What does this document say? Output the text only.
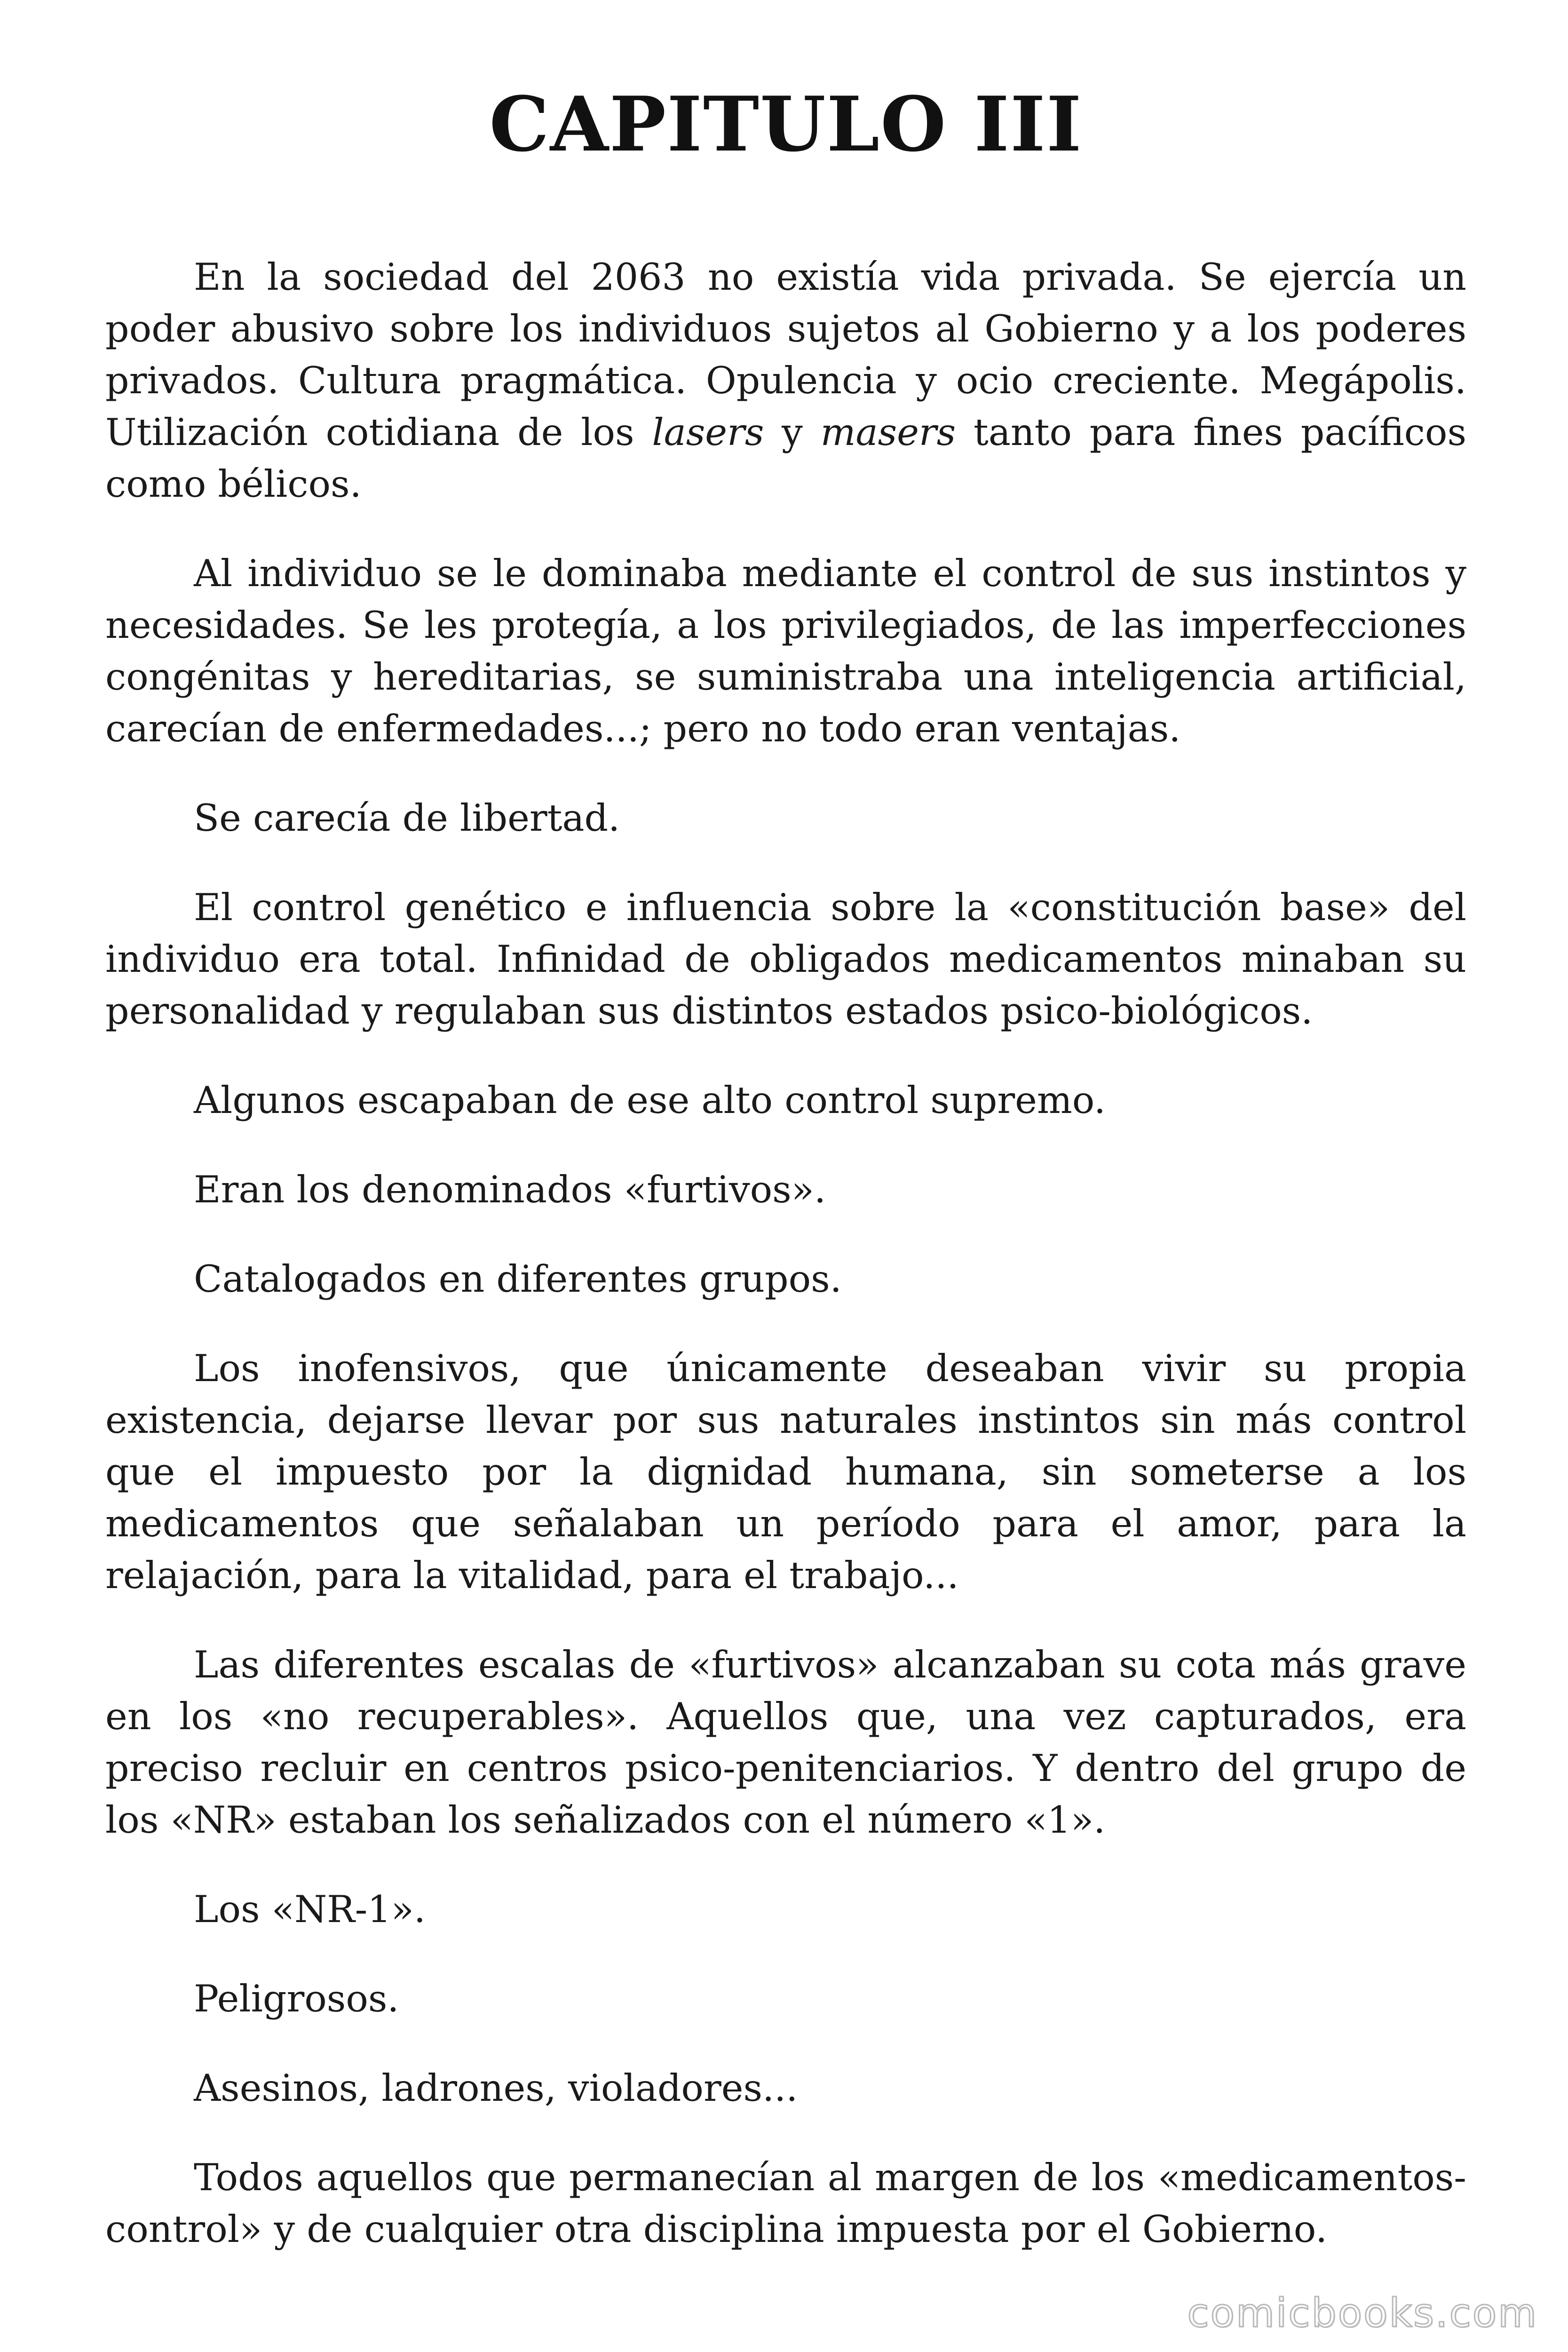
CAPITULO III

En la sociedad del 2063 no existía vida privada. Se ejercía un poder abusivo sobre los individuos sujetos al Gobierno y a los poderes privados. Cultura pragmática. Opulencia y ocio creciente. Megápolis. Utilización cotidiana de los lasers y masers tanto para fines pacíficos como bélicos.

Al individuo se le dominaba mediante el control de sus instintos y necesidades. Se les protegía, a los privilegiados, de las imperfecciones congénitas y hereditarias, se suministraba una inteligencia artificial, carecían de enfermedades...; pero no todo eran ventajas.

Se carecía de libertad.

El control genético e influencia sobre la «constitución base» del individuo era total. Infinidad de obligados medicamentos minaban su personalidad y regulaban sus distintos estados psico-biológicos.

Algunos escapaban de ese alto control supremo.

Eran los denominados «furtivos».

Catalogados en diferentes grupos.

Los inofensivos, que únicamente deseaban vivir su propia existencia, dejarse llevar por sus naturales instintos sin más control que el impuesto por la dignidad humana, sin someterse a los medicamentos que señalaban un período para el amor, para la relajación, para la vitalidad, para el trabajo...

Las diferentes escalas de «furtivos» alcanzaban su cota más grave en los «no recuperables». Aquellos que, una vez capturados, era preciso recluir en centros psico-penitenciarios. Y dentro del grupo de los «NR» estaban los señalizados con el número «1».

Los «NR-1».

Peligrosos.

Asesinos, ladrones, violadores...

Todos aquellos que permanecían al margen de los «medicamentos-control» y de cualquier otra disciplina impuesta por el Gobierno.

comicbooks.com
